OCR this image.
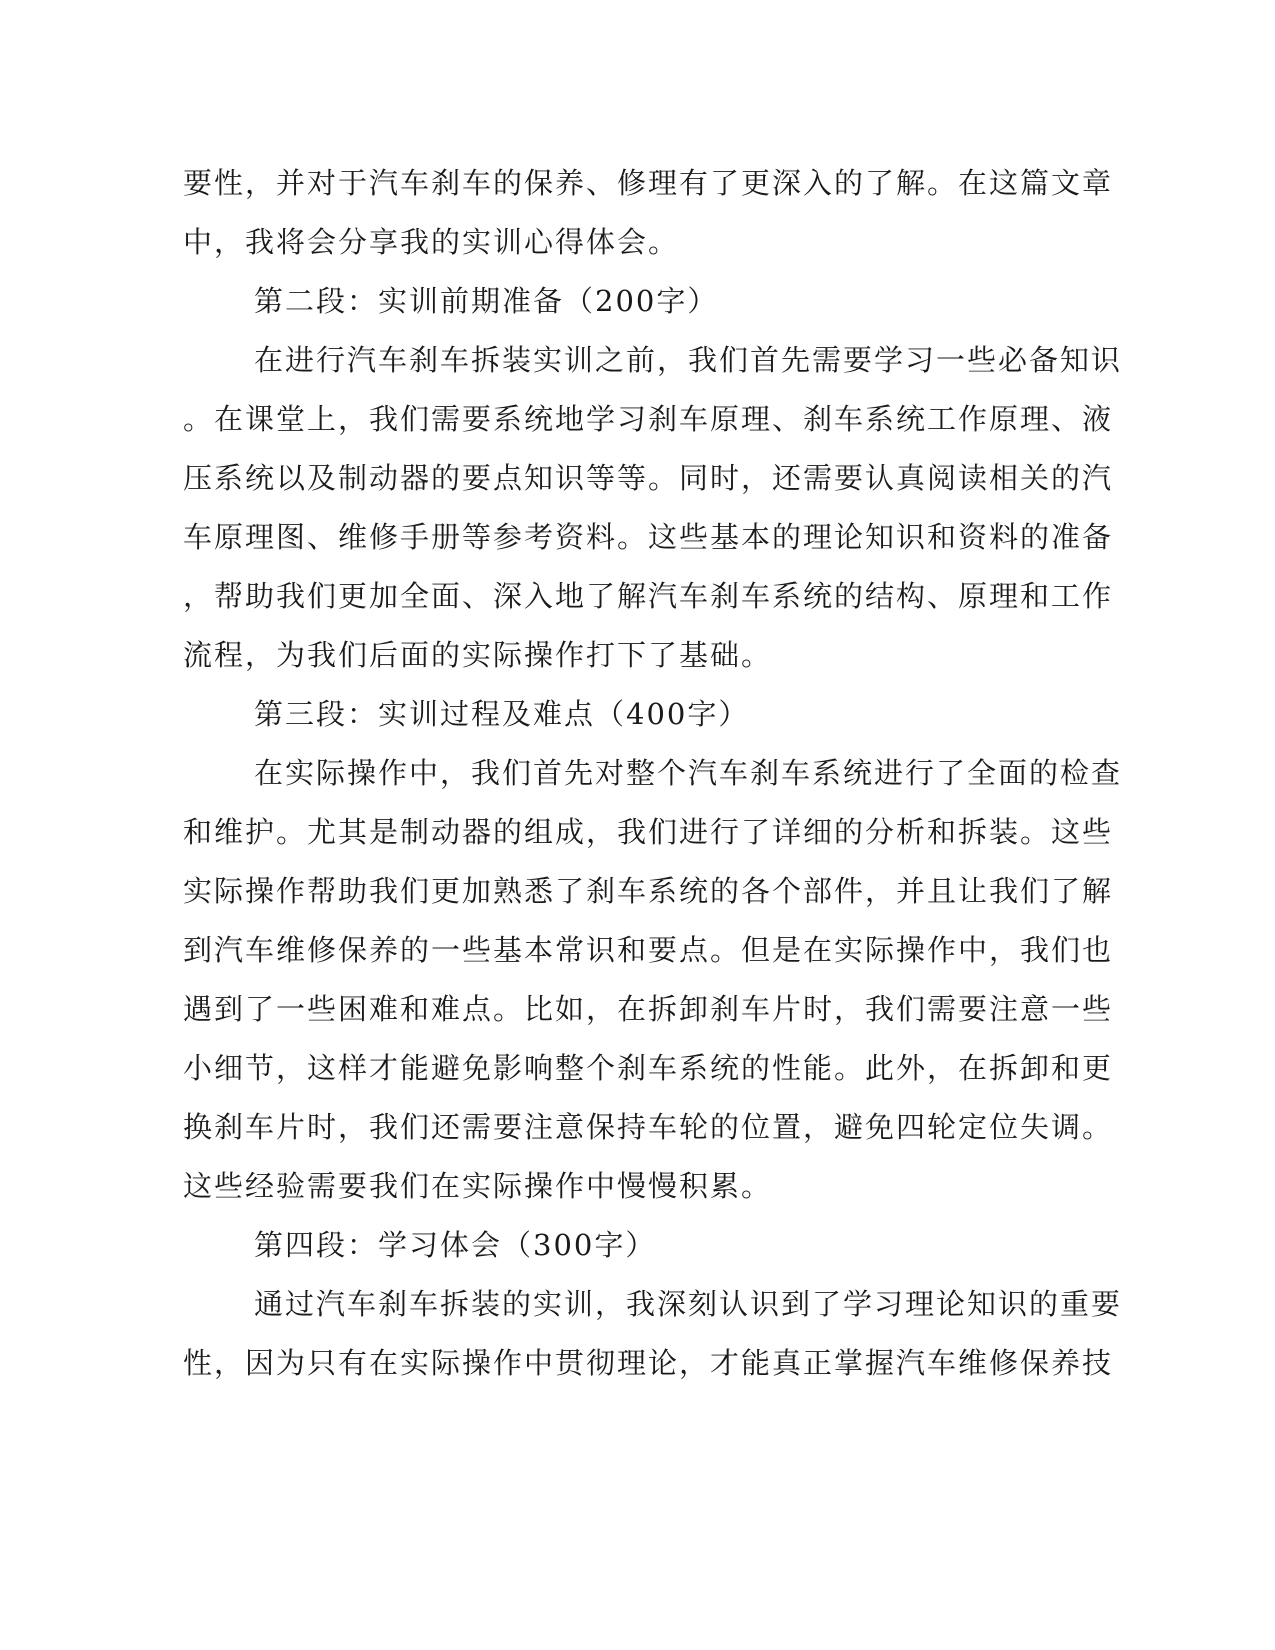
要性，并对于汽车刹车的保养、修理有了更深入的了解。在这篇文章
中，我将会分享我的实训心得体会。
第二段：实训前期准备（200字）
在进行汽车刹车拆装实训之前，我们首先需要学习一些必备知识
。在课堂上，我们需要系统地学习刹车原理、刹车系统工作原理、液
压系统以及制动器的要点知识等等。同时，还需要认真阅读相关的汽
车原理图、维修手册等参考资料。这些基本的理论知识和资料的准备
，帮助我们更加全面、深入地了解汽车刹车系统的结构、原理和工作
流程，为我们后面的实际操作打下了基础。
第三段：实训过程及难点（400字）
在实际操作中，我们首先对整个汽车刹车系统进行了全面的检查
和维护。尤其是制动器的组成，我们进行了详细的分析和拆装。这些
实际操作帮助我们更加熟悉了刹车系统的各个部件，并且让我们了解
到汽车维修保养的一些基本常识和要点。但是在实际操作中，我们也
遇到了一些困难和难点。比如，在拆卸刹车片时，我们需要注意一些
小细节，这样才能避免影响整个刹车系统的性能。此外，在拆卸和更
换刹车片时，我们还需要注意保持车轮的位置，避免四轮定位失调。
这些经验需要我们在实际操作中慢慢积累。
第四段：学习体会（300字）
通过汽车刹车拆装的实训，我深刻认识到了学习理论知识的重要
性，因为只有在实际操作中贯彻理论，才能真正掌握汽车维修保养技
